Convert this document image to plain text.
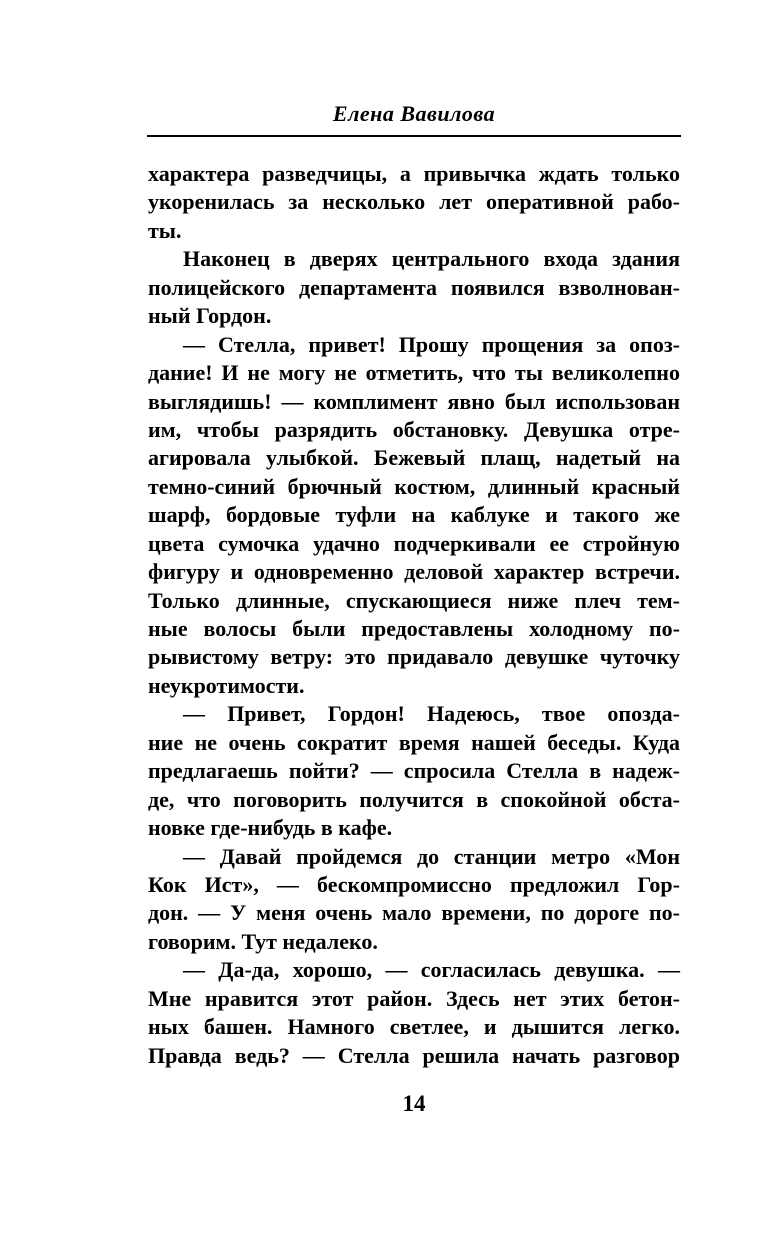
Елена Вавилова
характера разведчицы, а привычка ждать только
укоренилась за несколько лет оперативной рабо-
ты.
Наконец в дверях центрального входа здания
полицейского департамента появился взволнован-
ный Гордон.
— Стелла, привет! Прошу прощения за опоз-
дание! И не могу не отметить, что ты великолепно
выглядишь! — комплимент явно был использован
им, чтобы разрядить обстановку. Девушка отре-
агировала улыбкой. Бежевый плащ, надетый на
темно-синий брючный костюм, длинный красный
шарф, бордовые туфли на каблуке и такого же
цвета сумочка удачно подчеркивали ее стройную
фигуру и одновременно деловой характер встречи.
Только длинные, спускающиеся ниже плеч тем-
ные волосы были предоставлены холодному по-
рывистому ветру: это придавало девушке чуточку
неукротимости.
— Привет, Гордон! Надеюсь, твое опозда-
ние не очень сократит время нашей беседы. Куда
предлагаешь пойти? — спросила Стелла в надеж-
де, что поговорить получится в спокойной обста-
новке где-нибудь в кафе.
— Давай пройдемся до станции метро «Мон
Кок Ист», — бескомпромиссно предложил Гор-
дон. — У меня очень мало времени, по дороге по-
говорим. Тут недалеко.
— Да-да, хорошо, — согласилась девушка. —
Мне нравится этот район. Здесь нет этих бетон-
ных башен. Намного светлее, и дышится легко.
Правда ведь? — Стелла решила начать разговор
14
